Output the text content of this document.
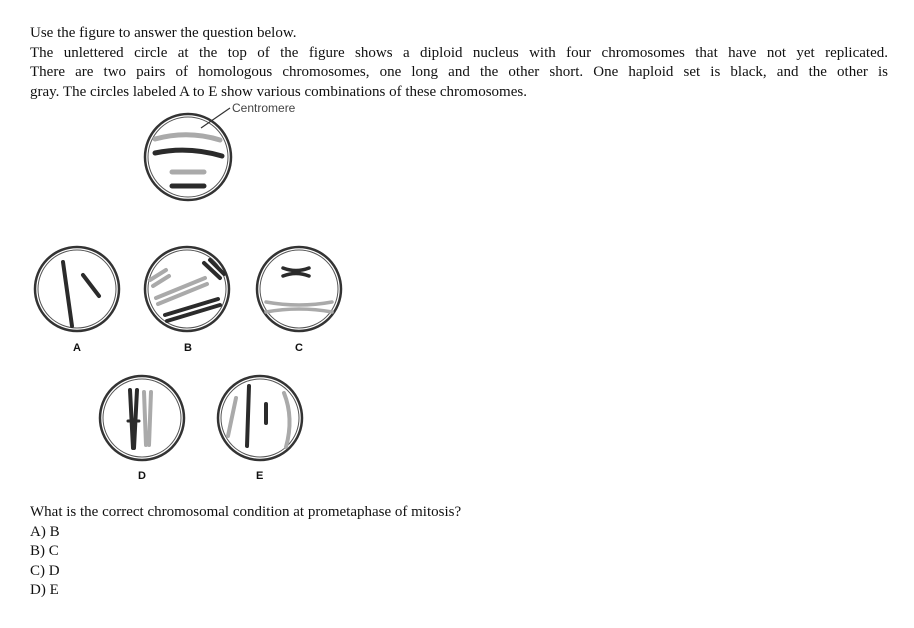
Use the figure to answer the question below.
The unlettered circle at the top of the figure shows a diploid nucleus with four chromosomes that have not yet replicated.
There are two pairs of homologous chromosomes, one long and the other short. One haploid set is black, and the other is
gray. The circles labeled A to E show various combinations of these chromosomes.
Centromere
A	B	C
D	E
What is the correct chromosomal condition at prometaphase of mitosis?
A) B
B) C
C) D
D) E
